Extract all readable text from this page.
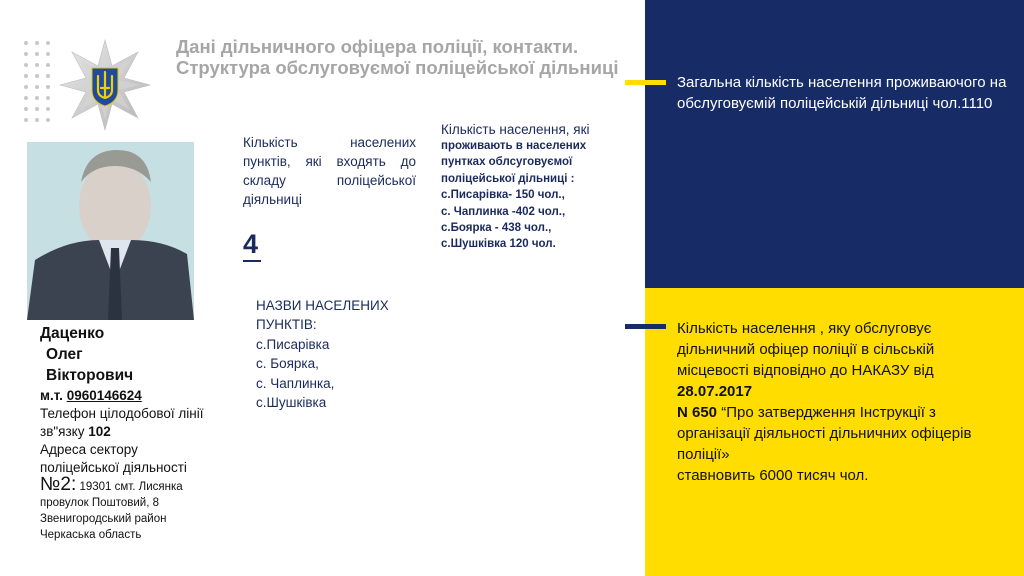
Дані дільничного офіцера поліції, контакти. Структура обслуговуємої поліцейської дільниці
Даценко
Олег
Вікторович
м.т. 0960146624
Телефон цілодобової лінії зв"язку 102
Адреса сектору поліцейської діяльності
№2: 19301 смт. Лисянка
провулок Поштовий, 8
Звенигородський район
Черкаська область
Кількість населених пунктів, які входять до складу поліцейської діяльниці
4
Кількість населення, які
проживають в населених пунтках облсуговуємої поліцейської дільниці :
с.Писарівка- 150 чол.,
с. Чаплинка -402 чол.,
с.Боярка - 438 чол.,
с.Шушківка 120 чол.
НАЗВИ НАСЕЛЕНИХ ПУНКТІВ:
с.Писарівка
с. Боярка,
с. Чаплинка,
с.Шушківка
Загальна кількість населення проживаючого на обслуговуємій поліцейській дільниці чол.1110
Кількість населення , яку обслуговує дільничний офіцер поліції в сільській місцевості відповідно до НАКАЗУ від
28.07.2017
N 650 “Про затвердження Інструкції з організації діяльності дільничних офіцерів поліції»
ставновить 6000 тисяч чол.
